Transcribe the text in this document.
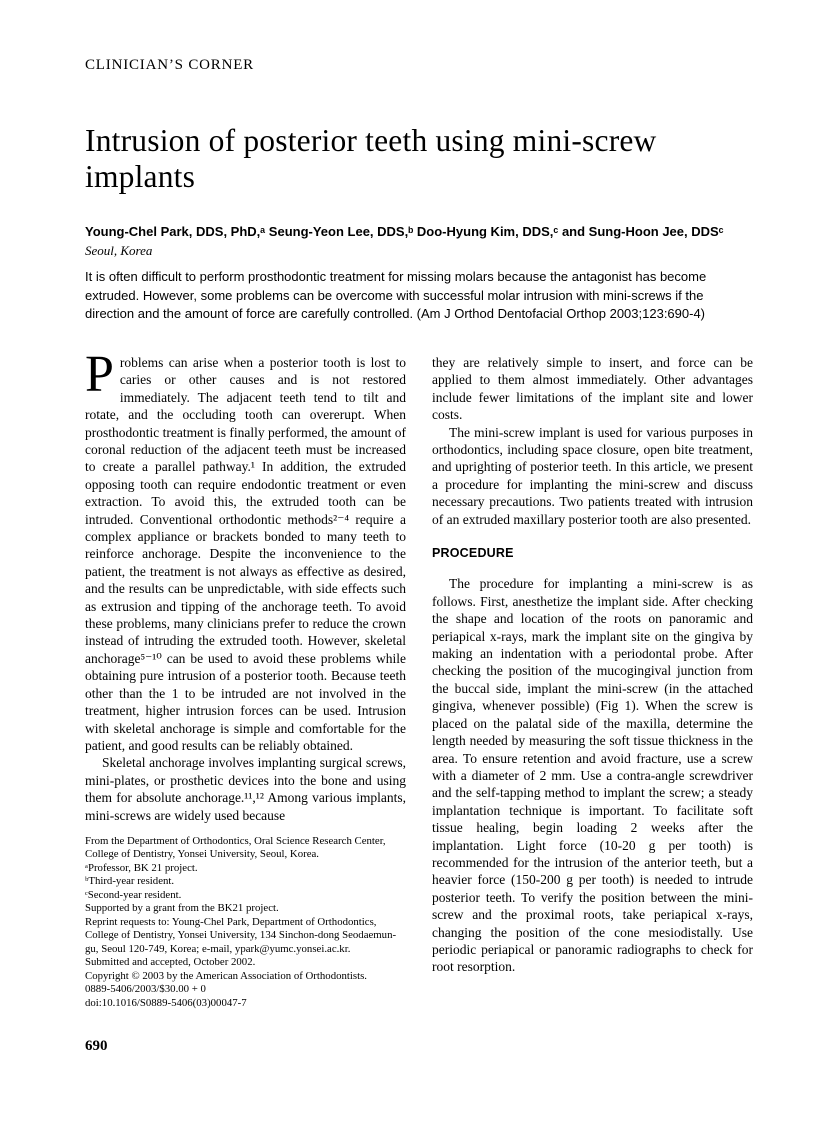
CLINICIAN’S CORNER
Intrusion of posterior teeth using mini-screw implants
Young-Chel Park, DDS, PhD,ᵃ Seung-Yeon Lee, DDS,ᵇ Doo-Hyung Kim, DDS,ᶜ and Sung-Hoon Jee, DDSᶜ
Seoul, Korea

It is often difficult to perform prosthodontic treatment for missing molars because the antagonist has become extruded. However, some problems can be overcome with successful molar intrusion with mini-screws if the direction and the amount of force are carefully controlled. (Am J Orthod Dentofacial Orthop 2003;123:690-4)

Problems can arise when a posterior tooth is lost to caries or other causes and is not restored immediately. The adjacent teeth tend to tilt and rotate, and the occluding tooth can overerupt. When prosthodontic treatment is finally performed, the amount of coronal reduction of the adjacent teeth must be increased to create a parallel pathway.¹ In addition, the extruded opposing tooth can require endodontic treatment or even extraction. To avoid this, the extruded tooth can be intruded. Conventional orthodontic methods²⁻⁴ require a complex appliance or brackets bonded to many teeth to reinforce anchorage. Despite the inconvenience to the patient, the treatment is not always as effective as desired, and the results can be unpredictable, with side effects such as extrusion and tipping of the anchorage teeth. To avoid these problems, many clinicians prefer to reduce the crown instead of intruding the extruded tooth. However, skeletal anchorage⁵⁻¹⁰ can be used to avoid these problems while obtaining pure intrusion of a posterior tooth. Because teeth other than the 1 to be intruded are not involved in the treatment, higher intrusion forces can be used. Intrusion with skeletal anchorage is simple and comfortable for the patient, and good results can be reliably obtained.

Skeletal anchorage involves implanting surgical screws, mini-plates, or prosthetic devices into the bone and using them for absolute anchorage.¹¹,¹² Among various implants, mini-screws are widely used because

From the Department of Orthodontics, Oral Science Research Center, College of Dentistry, Yonsei University, Seoul, Korea.

ᵃProfessor, BK 21 project.

ᵇThird-year resident.

ᶜSecond-year resident.

Supported by a grant from the BK21 project.

Reprint requests to: Young-Chel Park, Department of Orthodontics, College of Dentistry, Yonsei University, 134 Sinchon-dong Seodaemun-gu, Seoul 120-749, Korea; e-mail, ypark@yumc.yonsei.ac.kr.

Submitted and accepted, October 2002.

Copyright © 2003 by the American Association of Orthodontists.

0889-5406/2003/$30.00 + 0

doi:10.1016/S0889-5406(03)00047-7

they are relatively simple to insert, and force can be applied to them almost immediately. Other advantages include fewer limitations of the implant site and lower costs.

The mini-screw implant is used for various purposes in orthodontics, including space closure, open bite treatment, and uprighting of posterior teeth. In this article, we present a procedure for implanting the mini-screw and discuss necessary precautions. Two patients treated with intrusion of an extruded maxillary posterior tooth are also presented.

PROCEDURE

The procedure for implanting a mini-screw is as follows. First, anesthetize the implant side. After checking the shape and location of the roots on panoramic and periapical x-rays, mark the implant site on the gingiva by making an indentation with a periodontal probe. After checking the position of the mucogingival junction from the buccal side, implant the mini-screw (in the attached gingiva, whenever possible) (Fig 1). When the screw is placed on the palatal side of the maxilla, determine the length needed by measuring the soft tissue thickness in the area. To ensure retention and avoid fracture, use a screw with a diameter of 2 mm. Use a contra-angle screwdriver and the self-tapping method to implant the screw; a steady implantation technique is important. To facilitate soft tissue healing, begin loading 2 weeks after the implantation. Light force (10-20 g per tooth) is recommended for the intrusion of the anterior teeth, but a heavier force (150-200 g per tooth) is needed to intrude posterior teeth. To verify the position between the mini-screw and the proximal roots, take periapical x-rays, changing the position of the cone mesiodistally. Use periodic periapical or panoramic radiographs to check for root resorption.

690
